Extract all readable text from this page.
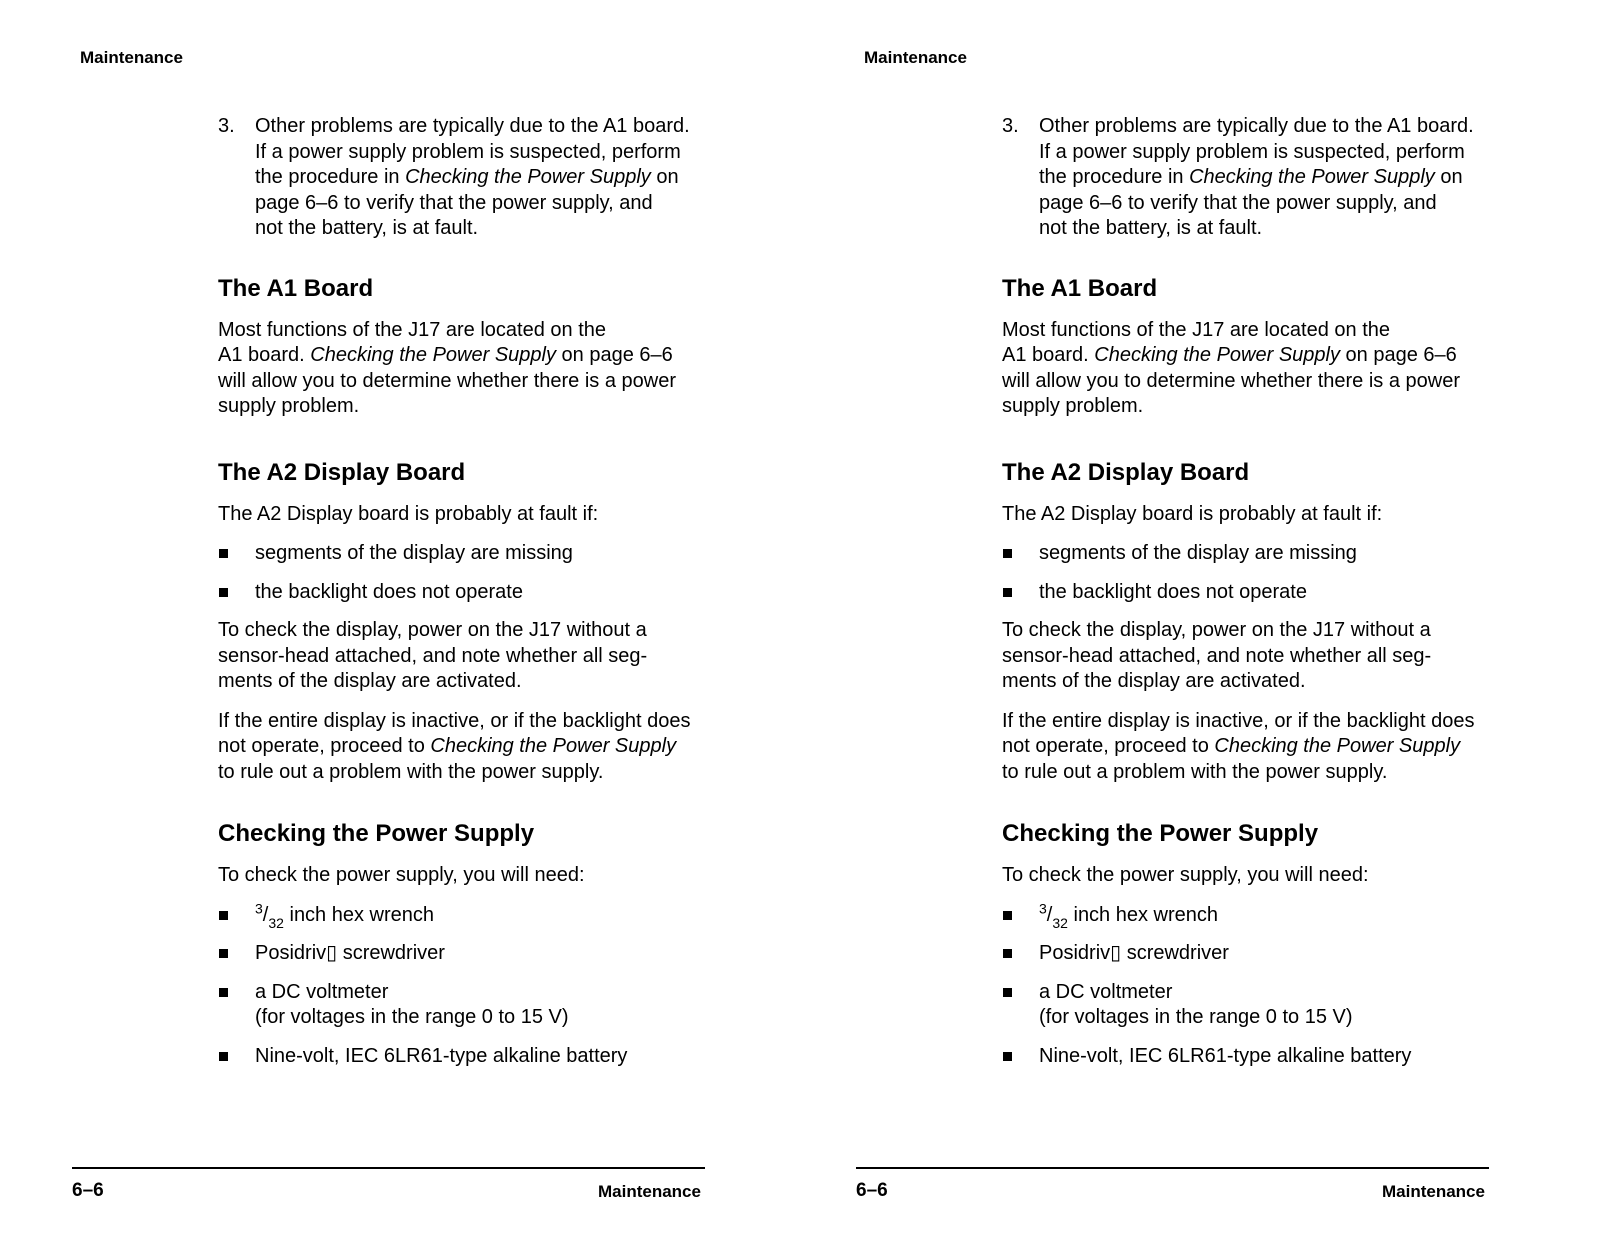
Maintenance
3. Other problems are typically due to the A1 board.
If a power supply problem is suspected, perform
the procedure in Checking the Power Supply on
page 6–6 to verify that the power supply, and
not the battery, is at fault.
The A1 Board

Most functions of the J17 are located on the
A1 board. Checking the Power Supply on page 6–6
will allow you to determine whether there is a power
supply problem.

The A2 Display Board

The A2 Display board is probably at fault if:

segments of the display are missing
the backlight does not operate

To check the display, power on the J17 without a
sensor-head attached, and note whether all seg-
ments of the display are activated.

If the entire display is inactive, or if the backlight does
not operate, proceed to Checking the Power Supply
to rule out a problem with the power supply.

Checking the Power Supply

To check the power supply, you will need:

$^3/_{32}$ inch hex wrench
Posidriv▯ screwdriver
a DC voltmeter
(for voltages in the range 0 to 15 V)
Nine-volt, IEC 6LR61-type alkaline battery
6–6	Maintenance
Maintenance
3. Other problems are typically due to the A1 board.
If a power supply problem is suspected, perform
the procedure in Checking the Power Supply on
page 6–6 to verify that the power supply, and
not the battery, is at fault.
The A1 Board

Most functions of the J17 are located on the
A1 board. Checking the Power Supply on page 6–6
will allow you to determine whether there is a power
supply problem.

The A2 Display Board

The A2 Display board is probably at fault if:

segments of the display are missing
the backlight does not operate

To check the display, power on the J17 without a
sensor-head attached, and note whether all seg-
ments of the display are activated.

If the entire display is inactive, or if the backlight does
not operate, proceed to Checking the Power Supply
to rule out a problem with the power supply.

Checking the Power Supply

To check the power supply, you will need:

$^3/_{32}$ inch hex wrench
Posidriv▯ screwdriver
a DC voltmeter
(for voltages in the range 0 to 15 V)
Nine-volt, IEC 6LR61-type alkaline battery
6–6	Maintenance
